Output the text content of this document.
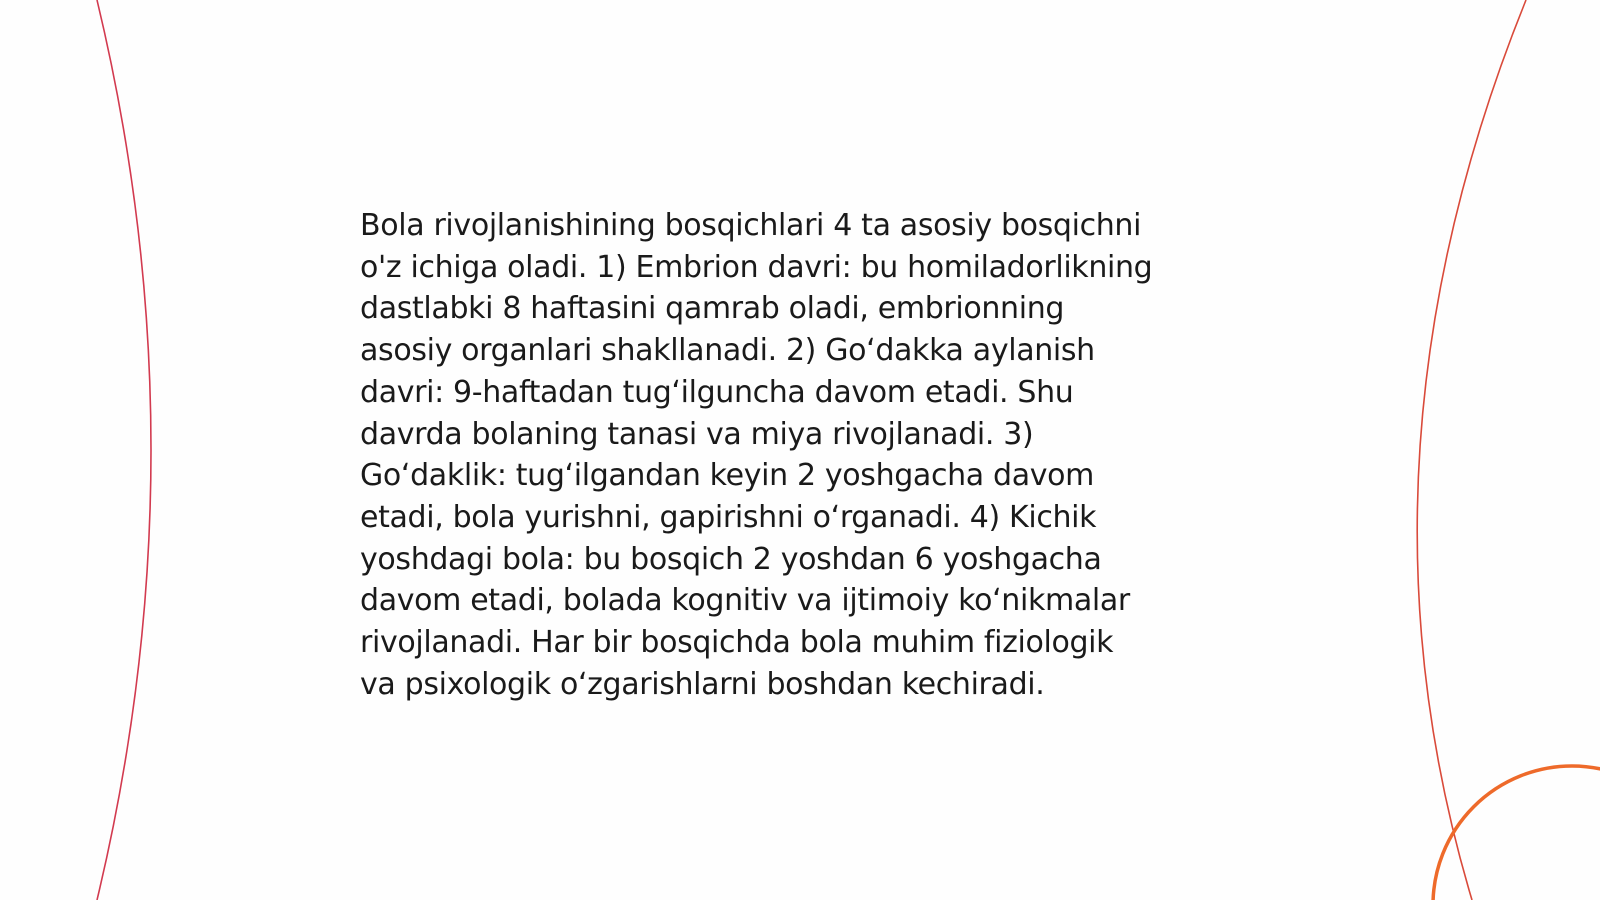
Bola rivojlanishining bosqichlari 4 ta asosiy bosqichni
o'z ichiga oladi. 1) Embrion davri: bu homiladorlikning
dastlabki 8 haftasini qamrab oladi, embrionning
asosiy organlari shakllanadi. 2) Go‘dakka aylanish
davri: 9-haftadan tug‘ilguncha davom etadi. Shu
davrda bolaning tanasi va miya rivojlanadi. 3)
Go‘daklik: tug‘ilgandan keyin 2 yoshgacha davom
etadi, bola yurishni, gapirishni o‘rganadi. 4) Kichik
yoshdagi bola: bu bosqich 2 yoshdan 6 yoshgacha
davom etadi, bolada kognitiv va ijtimoiy ko‘nikmalar
rivojlanadi. Har bir bosqichda bola muhim fiziologik
va psixologik o‘zgarishlarni boshdan kechiradi.
